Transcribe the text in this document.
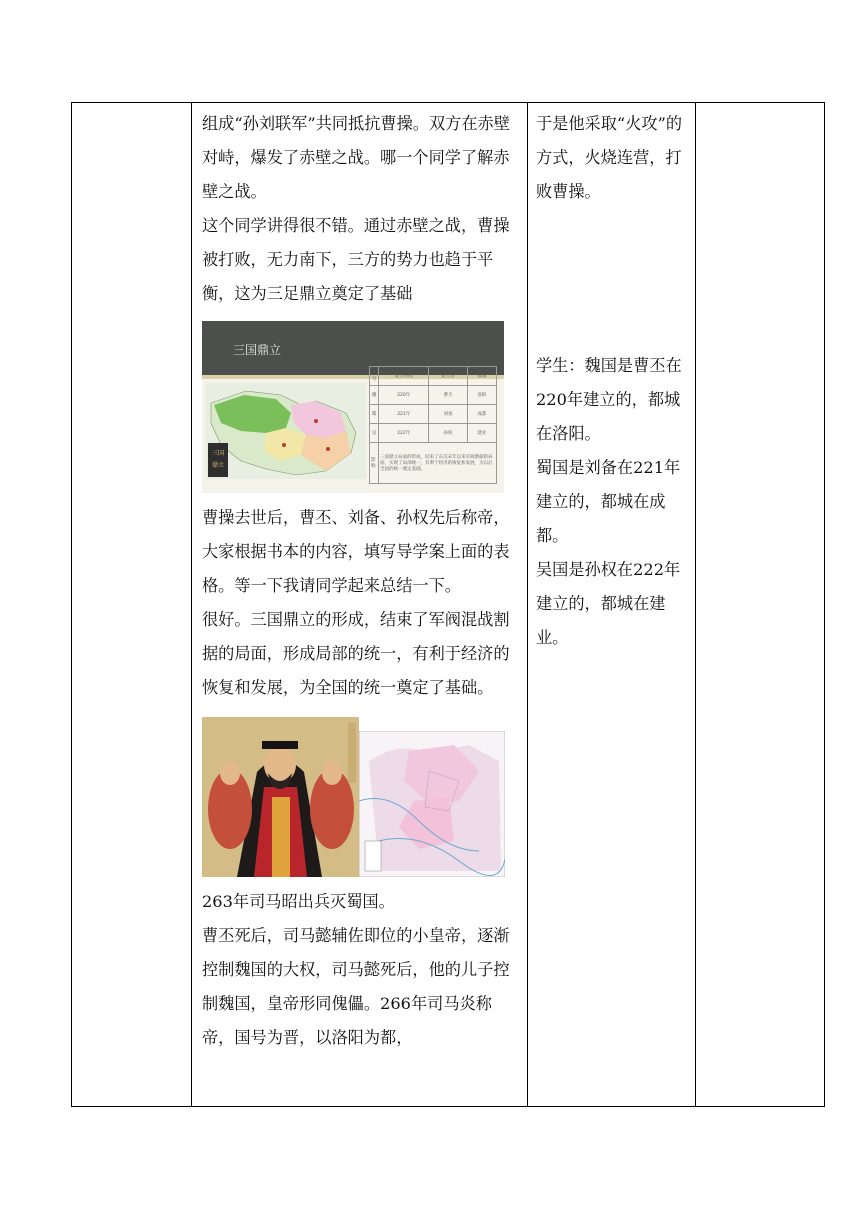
组成“孙刘联军”共同抵抗曹操。双方在赤壁对峙，爆发了赤壁之战。哪一个同学了解赤壁之战。

这个同学讲得很不错。通过赤壁之战，曹操被打败，无力南下，三方的势力也趋于平衡，这为三足鼎立奠定了基础

三国鼎立
三国
鼎立
国号	建立时间	建立者	都城
魏	220年	曹丕	洛阳
蜀	221年	刘备	成都
吴	222年	孙权	建业
影响	三国鼎立局面的形成，结束了东汉末年以来军阀割据的局面，实现了局部统一，有利于经济的恢复和发展，为以后全国的统一奠定基础。

曹操去世后，曹丕、刘备、孙权先后称帝，大家根据书本的内容，填写导学案上面的表格。等一下我请同学起来总结一下。

很好。三国鼎立的形成，结束了军阀混战割据的局面，形成局部的统一，有利于经济的恢复和发展，为全国的统一奠定了基础。

263年司马昭出兵灭蜀国。

曹丕死后，司马懿辅佐即位的小皇帝，逐渐控制魏国的大权，司马懿死后，他的儿子控制魏国，皇帝形同傀儡。266年司马炎称帝，国号为晋，以洛阳为都，

于是他采取“火攻”的方式，火烧连营，打败曹操。

学生：魏国是曹丕在220年建立的，都城在洛阳。

蜀国是刘备在221年建立的，都城在成都。

吴国是孙权在222年建立的，都城在建业。
